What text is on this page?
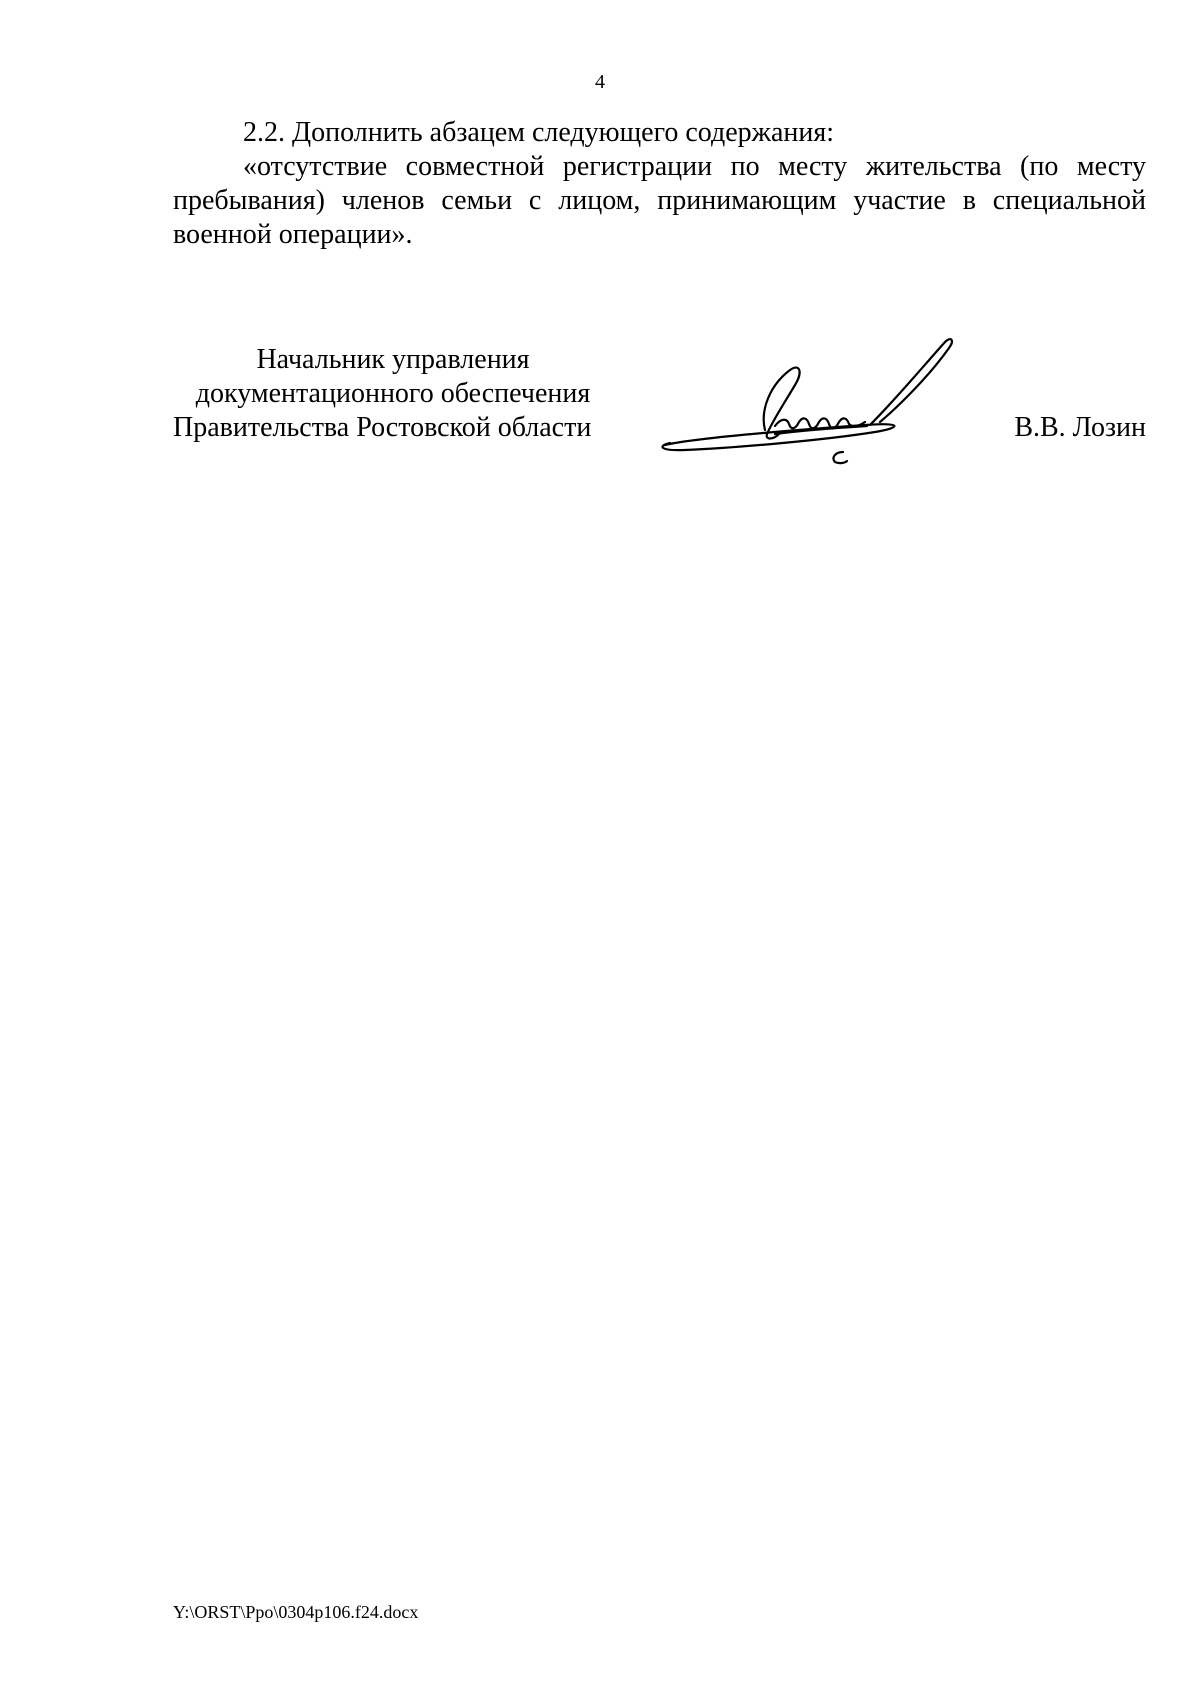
4

2.2. Дополнить абзацем следующего содержания:

«отсутствие совместной регистрации по месту жительства (по месту пребывания) членов семьи с лицом, принимающим участие в специальной военной операции».

Начальник управления
документационного обеспечения
Правительства Ростовской области	В.В. Лозин
Y:\ORST\Ppo\0304p106.f24.docx
